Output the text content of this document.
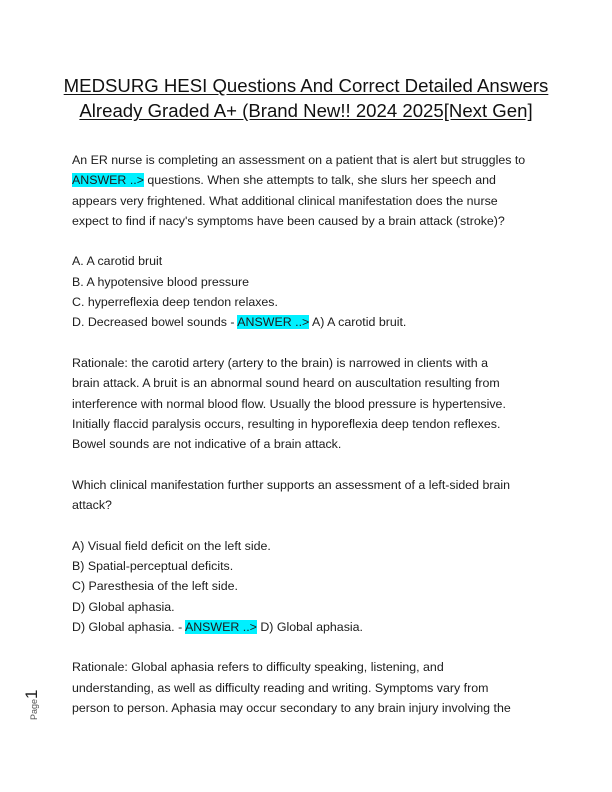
MEDSURG HESI Questions And Correct Detailed Answers
Already Graded A+ (Brand New!! 2024 2025[Next Gen]
An ER nurse is completing an assessment on a patient that is alert but struggles to
ANSWER ..> questions. When she attempts to talk, she slurs her speech and
appears very frightened. What additional clinical manifestation does the nurse
expect to find if nacy's symptoms have been caused by a brain attack (stroke)?
A. A carotid bruit
B. A hypotensive blood pressure
C. hyperreflexia deep tendon relaxes.
D. Decreased bowel sounds - ANSWER ..> A) A carotid bruit.
Rationale: the carotid artery (artery to the brain) is narrowed in clients with a
brain attack. A bruit is an abnormal sound heard on auscultation resulting from
interference with normal blood flow. Usually the blood pressure is hypertensive.
Initially flaccid paralysis occurs, resulting in hyporeflexia deep tendon reflexes.
Bowel sounds are not indicative of a brain attack.
Which clinical manifestation further supports an assessment of a left-sided brain
attack?
A) Visual field deficit on the left side.
B) Spatial-perceptual deficits.
C) Paresthesia of the left side.
D) Global aphasia.
D) Global aphasia. - ANSWER ..> D) Global aphasia.
Rationale: Global aphasia refers to difficulty speaking, listening, and
understanding, as well as difficulty reading and writing. Symptoms vary from
person to person. Aphasia may occur secondary to any brain injury involving the
Page1
